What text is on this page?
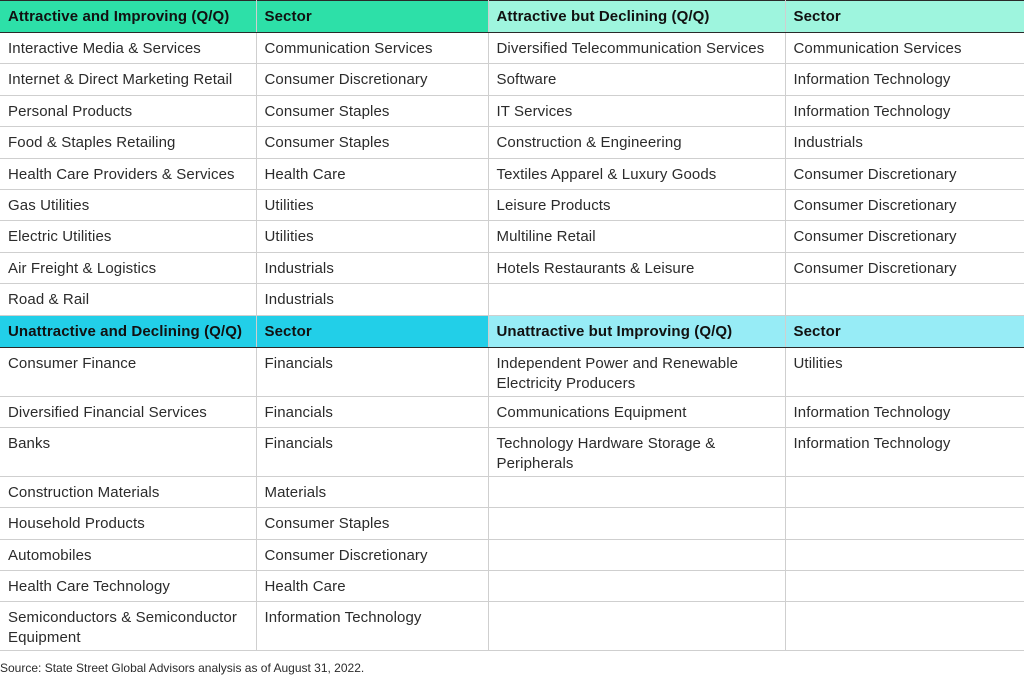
Attractive and Improving (Q/Q)	Sector	Attractive but Declining (Q/Q)	Sector
Interactive Media & Services	Communication Services	Diversified Telecommunication Services	Communication Services
Internet & Direct Marketing Retail	Consumer Discretionary	Software	Information Technology
Personal Products	Consumer Staples	IT Services	Information Technology
Food & Staples Retailing	Consumer Staples	Construction & Engineering	Industrials
Health Care Providers & Services	Health Care	Textiles Apparel & Luxury Goods	Consumer Discretionary
Gas Utilities	Utilities	Leisure Products	Consumer Discretionary
Electric Utilities	Utilities	Multiline Retail	Consumer Discretionary
Air Freight & Logistics	Industrials	Hotels Restaurants & Leisure	Consumer Discretionary
Road & Rail	Industrials		
Unattractive and Declining (Q/Q)	Sector	Unattractive but Improving (Q/Q)	Sector
Consumer Finance	Financials	Independent Power and Renewable Electricity Producers	Utilities
Diversified Financial Services	Financials	Communications Equipment	Information Technology
Banks	Financials	Technology Hardware Storage & Peripherals	Information Technology
Construction Materials	Materials		
Household Products	Consumer Staples		
Automobiles	Consumer Discretionary		
Health Care Technology	Health Care		
Semiconductors & Semiconductor Equipment	Information Technology		
Source: State Street Global Advisors analysis as of August 31, 2022.
